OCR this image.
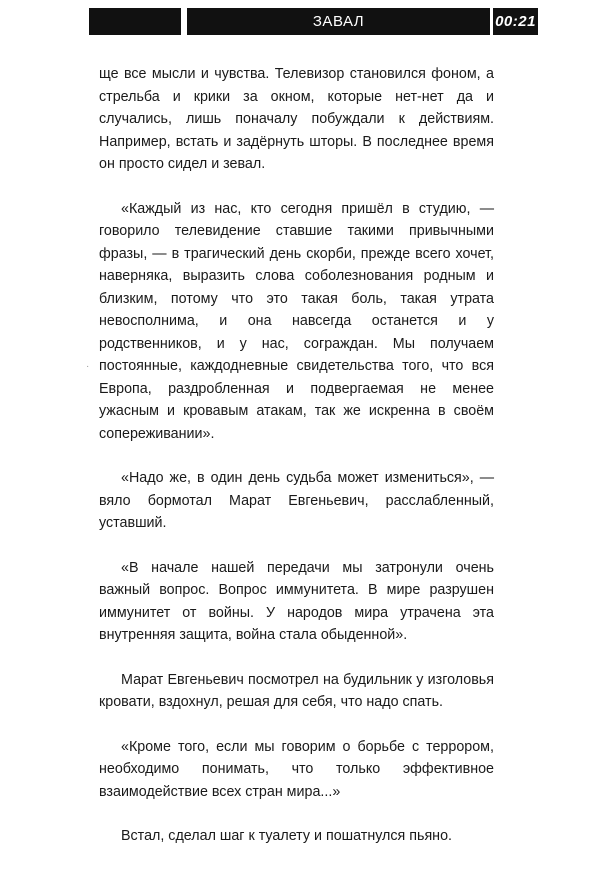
ЗАВАЛ	00:21
·

ще все мысли и чувства. Телевизор становился фоном, а стрельба и крики за окном, которые нет-нет да и случались, лишь поначалу побуждали к действиям. Например, встать и задёрнуть шторы. В последнее время он просто сидел и зевал.

«Каждый из нас, кто сегодня пришёл в студию, — говорило телевидение ставшие такими привычными фразы, — в трагический день скорби, прежде всего хочет, наверняка, выразить слова соболезнования родным и близким, потому что это такая боль, такая утрата невосполнима, и она навсегда останется и у родственников, и у нас, сограждан. Мы получаем постоянные, каждодневные свидетельства того, что вся Европа, раздробленная и подвергаемая не менее ужасным и кровавым атакам, так же искренна в своём сопереживании».

«Надо же, в один день судьба может измениться», — вяло бормотал Марат Евгеньевич, расслабленный, уставший.

«В начале нашей передачи мы затронули очень важный вопрос. Вопрос иммунитета. В мире разрушен иммунитет от войны. У народов мира утрачена эта внутренняя защита, война стала обыденной».

Марат Евгеньевич посмотрел на будильник у изголовья кровати, вздохнул, решая для себя, что надо спать.

«Кроме того, если мы говорим о борьбе с террором, необходимо понимать, что только эффективное взаимодействие всех стран мира...»

Встал, сделал шаг к туалету и пошатнулся пьяно.
